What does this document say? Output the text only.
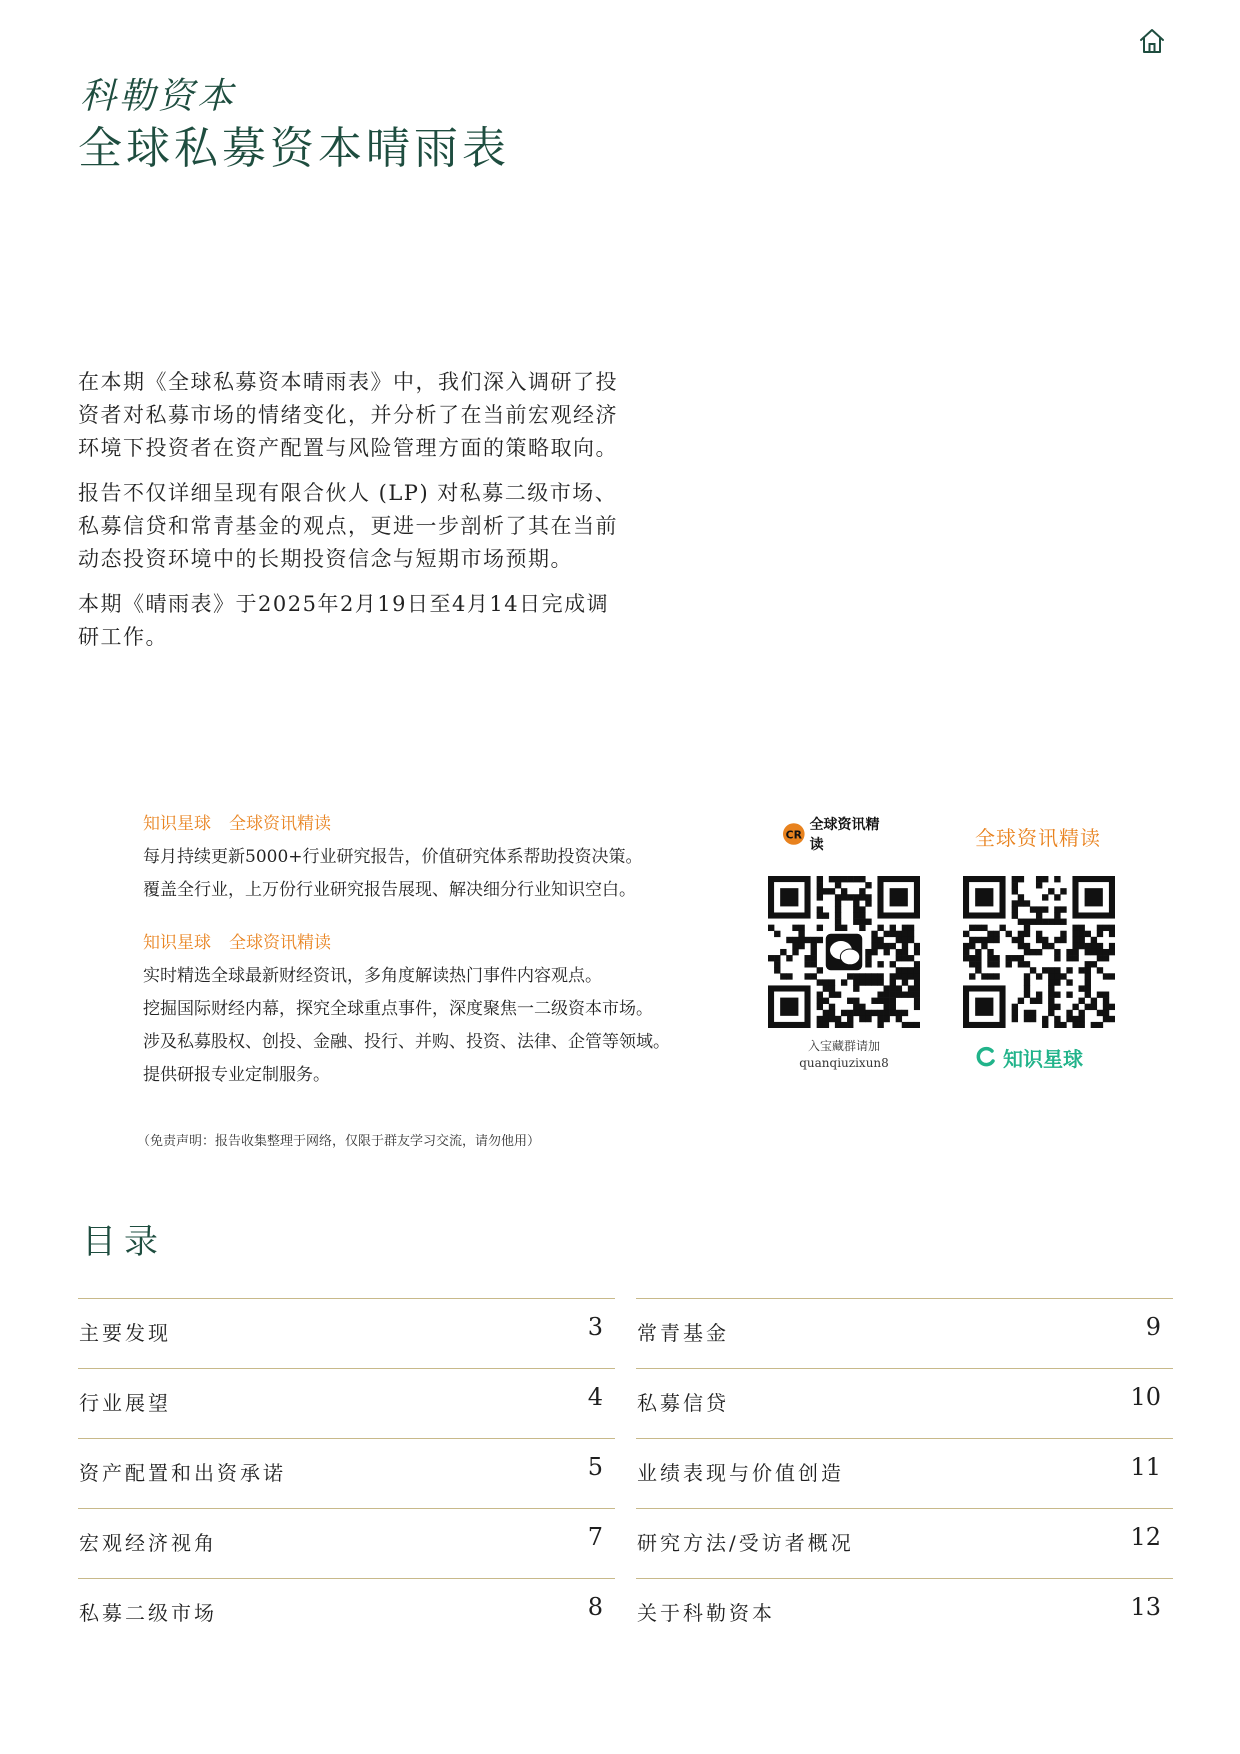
科勒资本
全球私募资本晴雨表

在本期《全球私募资本晴雨表》中，我们深入调研了投资者对私募市场的情绪变化，并分析了在当前宏观经济环境下投资者在资产配置与风险管理方面的策略取向。

报告不仅详细呈现有限合伙人 (LP) 对私募二级市场、私募信贷和常青基金的观点，更进一步剖析了其在当前动态投资环境中的长期投资信念与短期市场预期。

本期《晴雨表》于2025年2月19日至4月14日完成调研工作。

知识星球 全球资讯精读
每月持续更新5000+行业研究报告，价值研究体系帮助投资决策。
覆盖全行业，上万份行业研究报告展现、解决细分行业知识空白。
知识星球 全球资讯精读
实时精选全球最新财经资讯，多角度解读热门事件内容观点。
挖掘国际财经内幕，探究全球重点事件，深度聚焦一二级资本市场。
涉及私募股权、创投、金融、投行、并购、投资、法律、企管等领域。
提供研报专业定制服务。
CR
全球资讯精读
入宝藏群请加
quanqiuzixun8
全球资讯精读
知识星球
（免责声明：报告收集整理于网络，仅限于群友学习交流，请勿他用）
目录
主要发现	3
行业展望	4
资产配置和出资承诺	5
宏观经济视角	7
私募二级市场	8
常青基金	9
私募信贷	10
业绩表现与价值创造	11
研究方法/受访者概况	12
关于科勒资本	13
